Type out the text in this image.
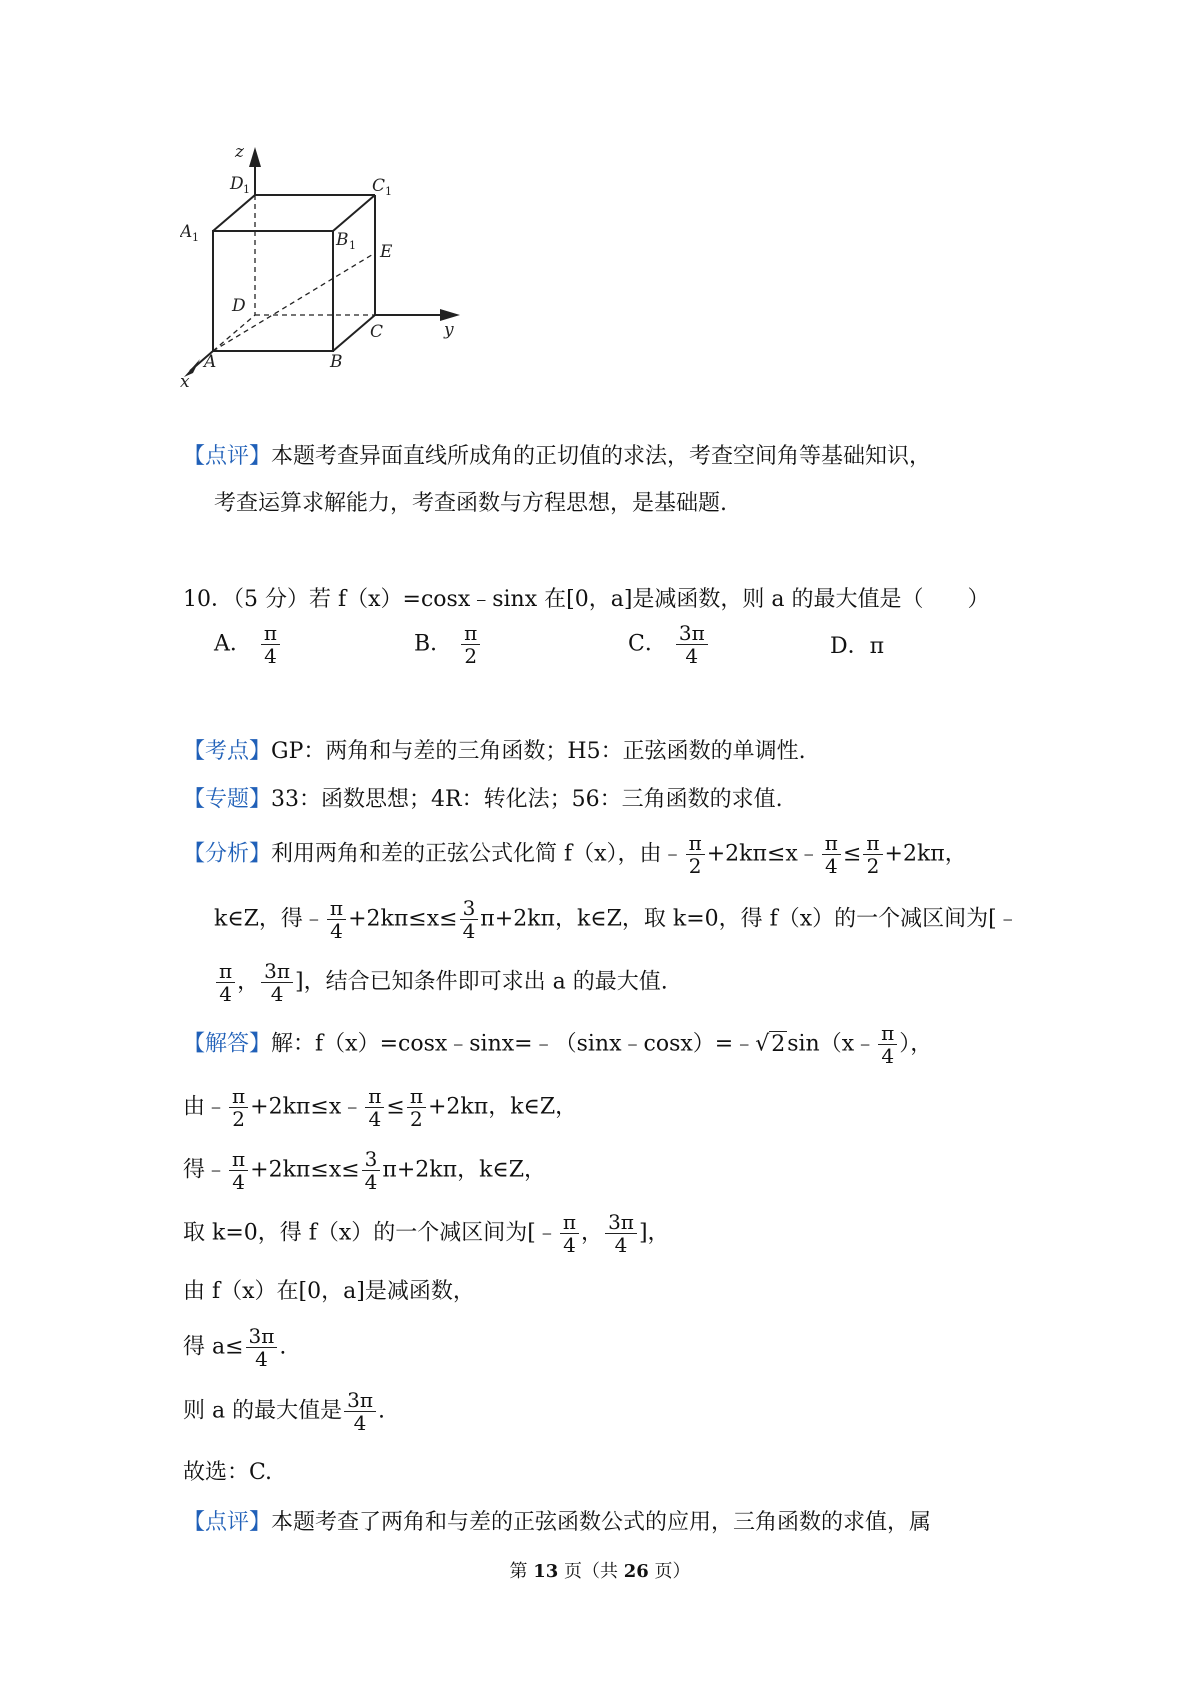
z
y
x
D 1	C 1
A 1	B 1 E
D
C
A	B
【点评】本题考查异面直线所成角的正切值的求法，考查空间角等基础知识，
考查运算求解能力，考查函数与方程思想，是基础题.
10．（5 分）若 f（x）=cosx﹣sinx 在[0，a]是减函数，则 a 的最大值是（　　）
A． $\frac{\pi}{4}$	B． $\frac{\pi}{2}$	C． $\frac{3\pi}{4}$	D．π
【考点】GP：两角和与差的三角函数；H5：正弦函数的单调性.
【专题】33：函数思想；4R：转化法；56：三角函数的求值.
【分析】利用两角和差的正弦公式化简 f（x），由﹣ $\frac{\pi}{2}$ +2kπ≤x﹣ $\frac{\pi}{4} \le \frac{\pi}{2} +2k\pi$，
k∈Z，得﹣ $\frac{\pi}{4} +2k\pi\le x\le \frac{3}{4} \pi+2k\pi$，k∈Z，取 k=0，得 f（x）的一个减区间为[﹣
$\frac{\pi}{4}$ ， $\frac{3\pi}{4}$ ]，结合已知条件即可求出 a 的最大值.
【解答】解：f（x）=cosx﹣sinx=﹣（sinx﹣cosx）=﹣√2sin（x﹣ $\frac{\pi}{4}$ ），
由﹣ $\frac{\pi}{2}$ +2kπ≤x﹣ $\frac{\pi}{4} \le \frac{\pi}{2} +2k\pi$，k∈Z，
得﹣ $\frac{\pi}{4} +2k\pi\le x\le \frac{3}{4} \pi+2k\pi$，k∈Z，
取 k=0，得 f（x）的一个减区间为[﹣ $\frac{\pi}{4}$ ， $\frac{3\pi}{4}$ ]，
由 f（x）在[0，a]是减函数，
得 $a\le \frac{3\pi}{4}$ .
则 a 的最大值是 $\frac{3\pi}{4}$ .
故选：C.
【点评】本题考查了两角和与差的正弦函数公式的应用，三角函数的求值，属
第 13 页（共 26 页）
